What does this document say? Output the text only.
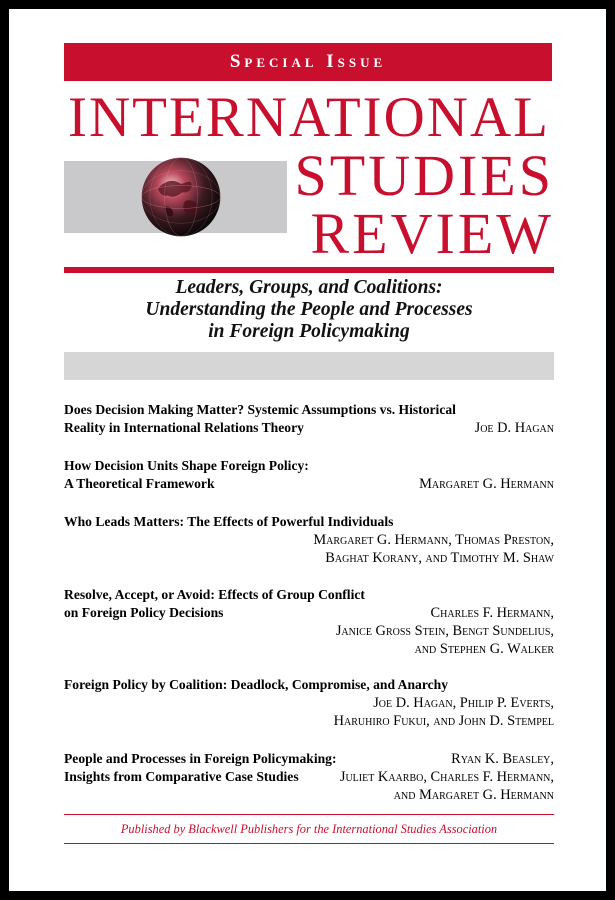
Special Issue
INTERNATIONAL
STUDIES
REVIEW
Leaders, Groups, and Coalitions:
Understanding the People and Processes
in Foreign Policymaking
Does Decision Making Matter? Systemic Assumptions vs. Historical
Reality in International Relations Theory	Joe D. Hagan
How Decision Units Shape Foreign Policy:
A Theoretical Framework	Margaret G. Hermann
Who Leads Matters: The Effects of Powerful Individuals
Margaret G. Hermann, Thomas Preston,
Baghat Korany, and Timothy M. Shaw
Resolve, Accept, or Avoid: Effects of Group Conflict
on Foreign Policy Decisions	Charles F. Hermann,
Janice Gross Stein, Bengt Sundelius,
and Stephen G. Walker
Foreign Policy by Coalition: Deadlock, Compromise, and Anarchy
Joe D. Hagan, Philip P. Everts,
Haruhiro Fukui, and John D. Stempel
People and Processes in Foreign Policymaking:
Insights from Comparative Case Studies
Ryan K. Beasley,
Juliet Kaarbo, Charles F. Hermann,
and Margaret G. Hermann
Published by Blackwell Publishers for the International Studies Association
